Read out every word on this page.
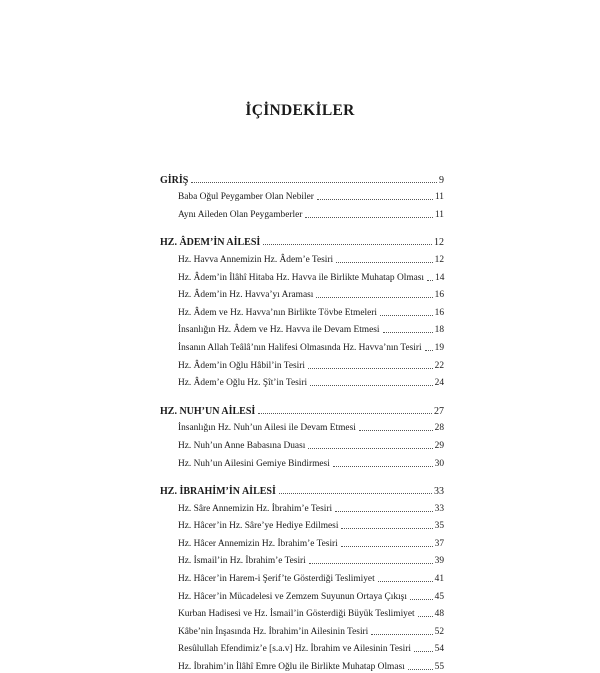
İÇİNDEKİLER
GİRİŞ	9
Baba Oğul Peygamber Olan Nebiler	11
Aynı Aileden Olan Peygamberler	11
HZ. ÂDEM’İN AİLESİ	12
Hz. Havva Annemizin Hz. Âdem’e Tesiri	12
Hz. Âdem’in İlâhî Hitaba Hz. Havva ile Birlikte Muhatap Olması 14
Hz. Âdem’in Hz. Havva’yı Araması	16
Hz. Âdem ve Hz. Havva’nın Birlikte Tövbe Etmeleri	16
İnsanlığın Hz. Âdem ve Hz. Havva ile Devam Etmesi	18
İnsanın Allah Teâlâ’nın Halifesi Olmasında Hz. Havva’nın Tesiri 19
Hz. Âdem’in Oğlu Hâbil’in Tesiri	22
Hz. Âdem’e Oğlu Hz. Şît’in Tesiri	24
HZ. NUH’UN AİLESİ	27
İnsanlığın Hz. Nuh’un Ailesi ile Devam Etmesi	28
Hz. Nuh’un Anne Babasına Duası	29
Hz. Nuh’un Ailesini Gemiye Bindirmesi	30
HZ. İBRAHİM’İN AİLESİ	33
Hz. Sâre Annemizin Hz. İbrahim’e Tesiri	33
Hz. Hâcer’in Hz. Sâre’ye Hediye Edilmesi	35
Hz. Hâcer Annemizin Hz. İbrahim’e Tesiri	37
Hz. İsmail’in Hz. İbrahim’e Tesiri	39
Hz. Hâcer’in Harem-i Şerif’te Gösterdiği Teslimiyet	41
Hz. Hâcer’in Mücadelesi ve Zemzem Suyunun Ortaya Çıkışı	45
Kurban Hadisesi ve Hz. İsmail’in Gösterdiği Büyük Teslimiyet 48
Kâbe’nin İnşasında Hz. İbrahim’in Ailesinin Tesiri	52
Resûlullah Efendimiz’e [s.a.v] Hz. İbrahim ve Ailesinin Tesiri	54
Hz. İbrahim’in İlâhî Emre Oğlu ile Birlikte Muhatap Olması	55
